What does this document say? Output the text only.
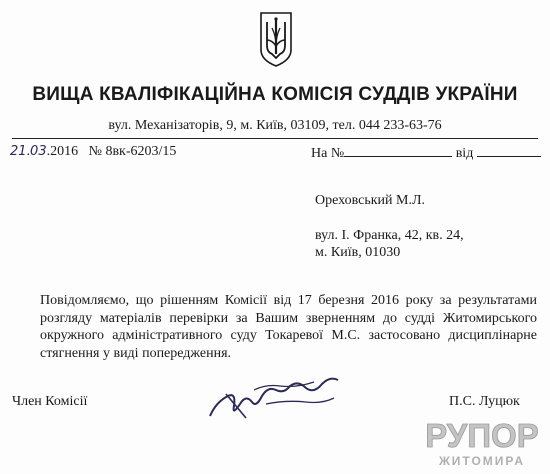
ВИЩА КВАЛІФІКАЦІЙНА КОМІСІЯ СУДДІВ УКРАЇНИ
вул. Механізаторів, 9, м. Київ, 03109, тел. 044 233-63-76
21.03.2016 № 8вк-6203/15	На №	від
Ореховський М.Л.
вул. І. Франка, 42, кв. 24,
м. Київ, 01030
Повідомляємо, що рішенням Комісії від 17 березня 2016 року за результатами розгляду матеріалів перевірки за Вашим зверненням до судді Житомирського окружного адміністративного суду Токаревої М.С. застосовано дисциплінарне стягнення у виді попередження.
Член Комісії	П.С. Луцюк
РУПОР
ЖИТОМИРА
